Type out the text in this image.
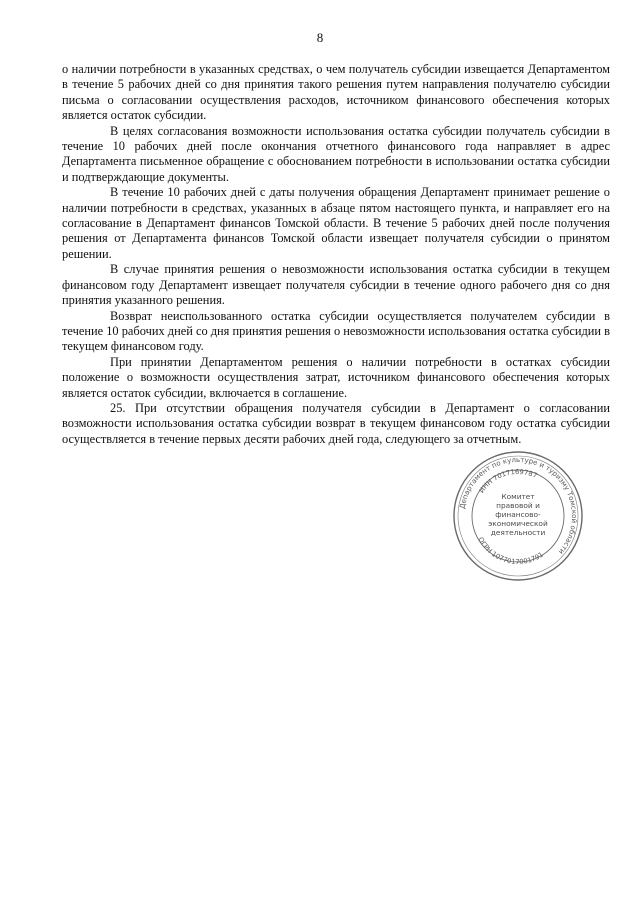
8

о наличии потребности в указанных средствах, о чем получатель субсидии извещается Департаментом в течение 5 рабочих дней со дня принятия такого решения путем направления получателю субсидии письма о согласовании осуществления расходов, источником финансового обеспечения которых является остаток субсидии.

В целях согласования возможности использования остатка субсидии получатель субсидии в течение 10 рабочих дней после окончания отчетного финансового года направляет в адрес Департамента письменное обращение с обоснованием потребности в использовании остатка субсидии и подтверждающие документы.

В течение 10 рабочих дней с даты получения обращения Департамент принимает решение о наличии потребности в средствах, указанных в абзаце пятом настоящего пункта, и направляет его на согласование в Департамент финансов Томской области. В течение 5 рабочих дней после получения решения от Департамента финансов Томской области извещает получателя субсидии о принятом решении.

В случае принятия решения о невозможности использования остатка субсидии в текущем финансовом году Департамент извещает получателя субсидии в течение одного рабочего дня со дня принятия указанного решения.

Возврат неиспользованного остатка субсидии осуществляется получателем субсидии в течение 10 рабочих дней со дня принятия решения о невозможности использования остатка субсидии в текущем финансовом году.

При принятии Департаментом решения о наличии потребности в остатках субсидии положение о возможности осуществления затрат, источником финансового обеспечения которых является остаток субсидии, включается в соглашение.

25. При отсутствии обращения получателя субсидии в Департамент о согласовании возможности использования остатка субсидии возврат в текущем финансовом году остатка субсидии осуществляется в течение первых десяти рабочих дней года, следующего за отчетным.

Департамент по культуре и туризму Томской области
ИНН 7017169787
ОГРН 1077017001791
Комитет
правовой и
финансово-
экономической
деятельности
